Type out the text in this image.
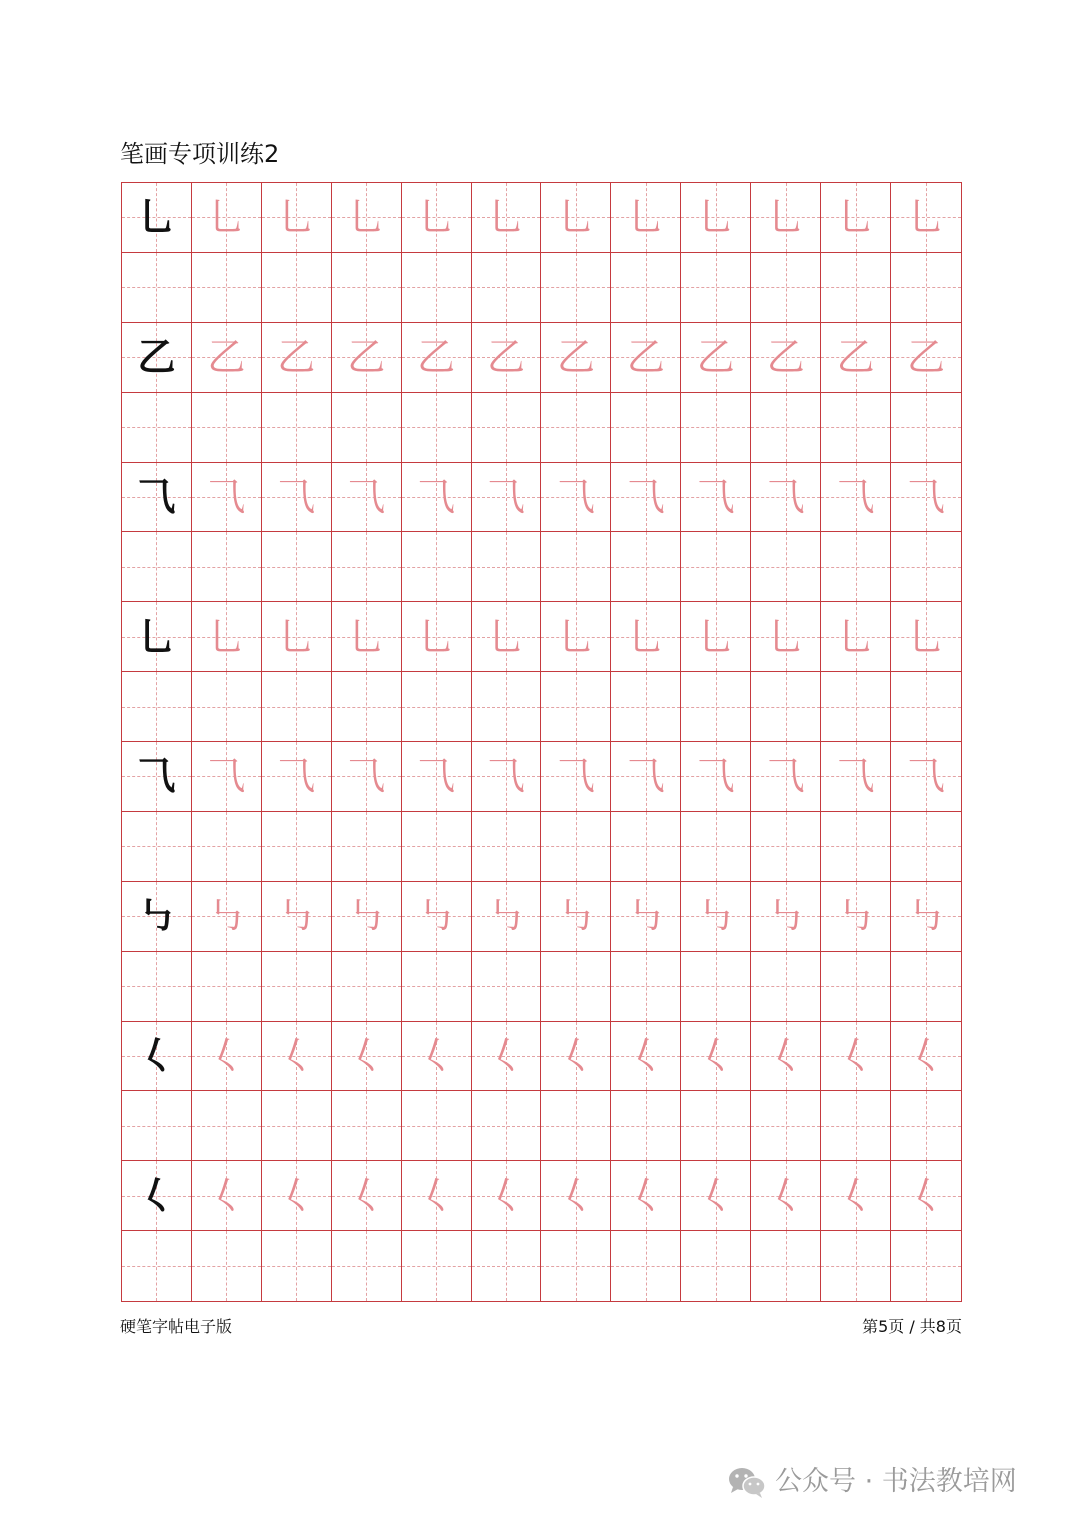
笔画专项训练2
乚 乚 乚 乚 乚 乚 乚 乚 乚 乚 乚 乚
乙 乙 乙 乙 乙 乙 乙 乙 乙 乙 乙 乙
⺄ ⺄ ⺄ ⺄ ⺄ ⺄ ⺄ ⺄ ⺄ ⺄ ⺄ ⺄
乚 乚 乚 乚 乚 乚 乚 乚 乚 乚 乚 乚
⺄ ⺄ ⺄ ⺄ ⺄ ⺄ ⺄ ⺄ ⺄ ⺄ ⺄ ⺄
㇉ ㇉ ㇉ ㇉ ㇉ ㇉ ㇉ ㇉ ㇉ ㇉ ㇉ ㇉
𡿨 𡿨 𡿨 𡿨 𡿨 𡿨 𡿨 𡿨 𡿨 𡿨 𡿨 𡿨
𡿨 𡿨 𡿨 𡿨 𡿨 𡿨 𡿨 𡿨 𡿨 𡿨 𡿨 𡿨
硬笔字帖电子版	第5页 / 共8页
公众号 · 书法教培网
